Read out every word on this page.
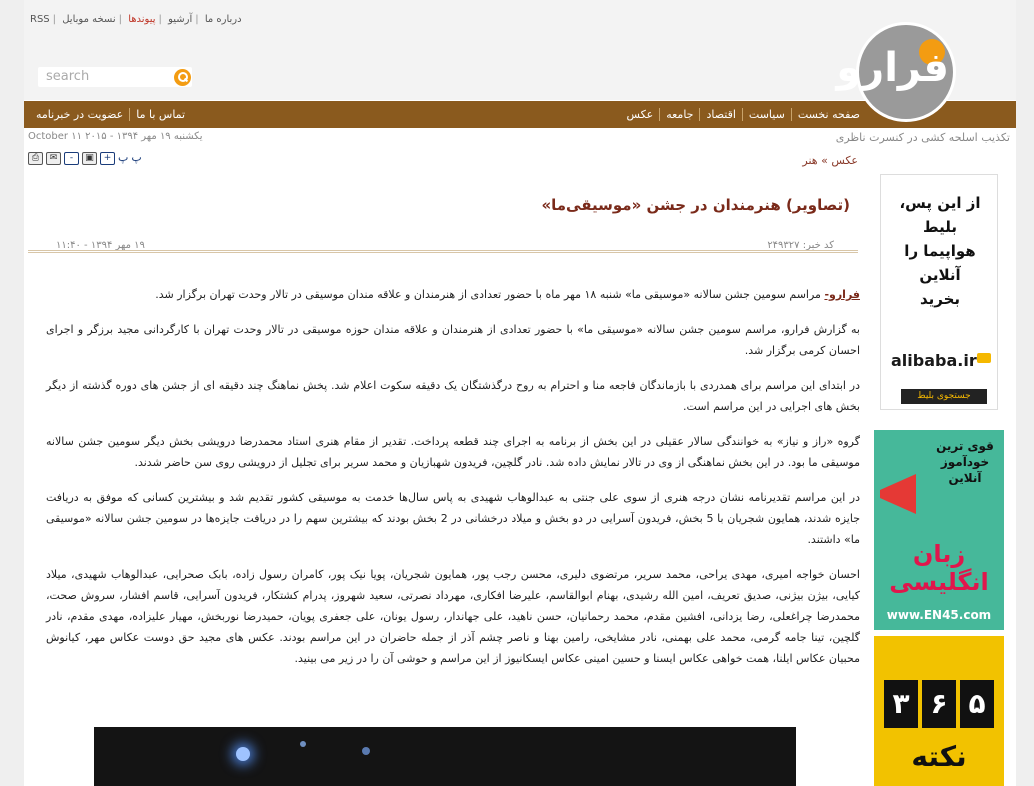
RSS | نسخه موبایل | پیوندها | آرشیو | درباره ما
search	فرارو
صفحه نخست
سیاست
اقتصاد
جامعه
عکس
تماس با ما
عضویت در خبرنامه
یکشنبه ۱۹ مهر ۱۳۹۴ - ۲۰۱۵ ۱۱ October	تکذیب اسلحه کشی در کنسرت ناظری
⎙	✉	-	▣	+ پ پ	عکس » هنر
(تصاویر) هنرمندان در جشن «موسیقی‌ما»
کد خبر: ۲۴۹۳۲۷
۱۹ مهر ۱۳۹۴ - ۱۱:۴۰

فرارو- مراسم سومین جشن سالانه «موسیقی ما» شنبه ۱۸ مهر ماه با حضور تعدادی از هنرمندان و علاقه مندان موسیقی در تالار وحدت تهران برگزار شد.

به گزارش فرارو، مراسم سومین جشن سالانه «موسیقی ما» با حضور تعدادی از هنرمندان و علاقه مندان حوزه موسیقی در تالار وحدت تهران با کارگردانی مجید برزگر و اجرای احسان کرمی برگزار شد.

در ابتدای این مراسم برای همدردی با بازماندگان فاجعه منا و احترام به روح درگذشتگان یک دقیقه سکوت اعلام شد. پخش نماهنگ چند دقیقه ای از جشن های دوره گذشته از دیگر بخش های اجرایی در این مراسم است.

گروه «راز و نیاز» به خوانندگی سالار عقیلی در این بخش از برنامه به اجرای چند قطعه پرداخت. تقدیر از مقام هنری استاد محمدرضا درویشی بخش دیگر سومین جشن سالانه موسیقی ما بود. در این بخش نماهنگی از وی در تالار نمایش داده شد. نادر گلچین، فریدون شهبازیان و محمد سریر برای تجلیل از درویشی روی سن حاضر شدند.

در این مراسم تقدیرنامه نشان درجه هنری از سوی علی جنتی به عبدالوهاب شهیدی به پاس سال‌ها خدمت به موسیقی کشور تقدیم شد و بیشترین کسانی که موفق به دریافت جایزه شدند، همایون شجریان با 5 بخش، فریدون آسرایی در دو بخش و میلاد درخشانی در 2 بخش بودند که بیشترین سهم را در دریافت جایزه‌ها در سومین جشن سالانه «موسیقی ما» داشتند.

احسان خواجه امیری، مهدی یراحی، محمد سریر، مرتضوی دلیری، محسن رجب پور، همایون شجریان، پویا نیک پور، کامران رسول زاده، بابک صحرایی، عبدالوهاب شهیدی، میلاد کیایی، بیژن بیژنی، صدیق تعریف، امین الله رشیدی، بهنام ابوالقاسم، علیرضا افکاری، مهرداد نصرتی، سعید شهروز، پدرام کشتکار، فریدون آسرایی، قاسم افشار، سروش صحت، محمدرضا چراغعلی، رضا یزدانی، افشین مقدم، محمد رحمانیان، حسن ناهید، علی جهاندار، رسول یونان، علی جعفری پویان، حمیدرضا نوربخش، مهیار علیزاده، مهدی مقدم، نادر گلچین، تینا جامه گرمی، محمد علی بهمنی، نادر مشایخی، رامین بهنا و ناصر چشم آذر از جمله حاضران در این مراسم بودند. عکس های مجید حق دوست عکاس مهر، کیانوش محبیان عکاس ایلنا، همت خواهی عکاس ایسنا و حسین امینی عکاس ایسکانیوز از این مراسم و حوشی آن را در زیر می بینید.

از این پس،
بلیط
هواپیما را
آنلاین
بخرید
alibaba.ir
جستجوی بلیط
قوی ترین
خودآموز
آنلاین
زبان
انگلیسی
www.EN45.com
۳ ۶ ۵
نکته
